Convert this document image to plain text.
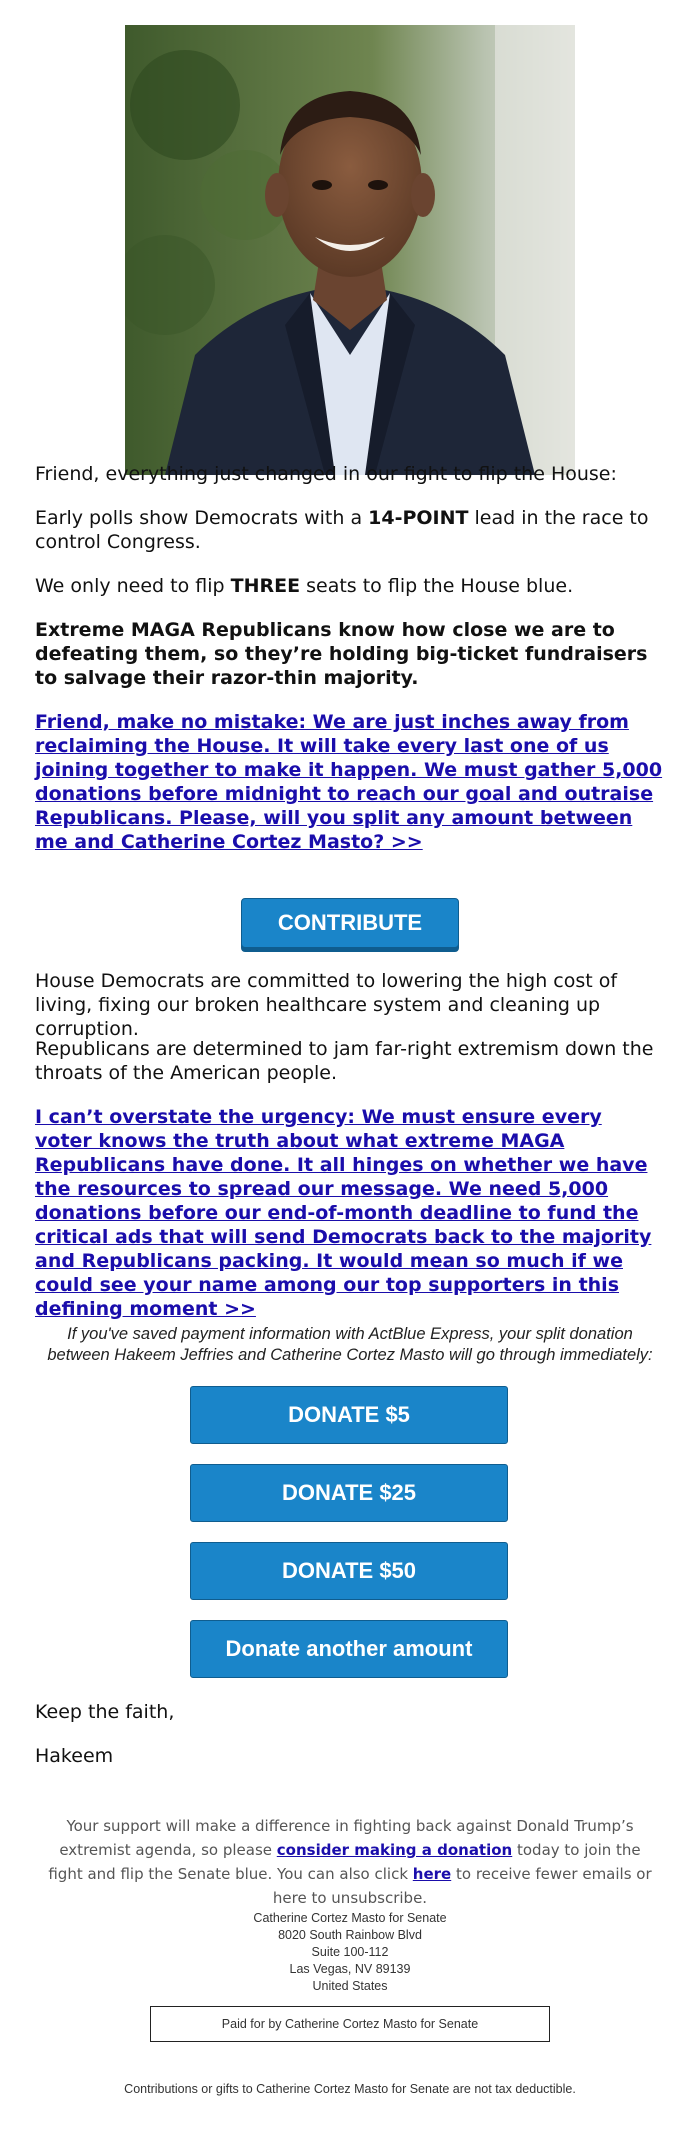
Friend, everything just changed in our fight to flip the House:

Early polls show Democrats with a 14-POINT lead in the race to control Congress.

We only need to flip THREE seats to flip the House blue.

Extreme MAGA Republicans know how close we are to defeating them, so they’re holding big-ticket fundraisers to salvage their razor-thin majority.

Friend, make no mistake: We are just inches away from reclaiming the House. It will take every last one of us joining together to make it happen. We must gather 5,000 donations before midnight to reach our goal and outraise Republicans. Please, will you split any amount between me and Catherine Cortez Masto? >>

CONTRIBUTE

House Democrats are committed to lowering the high cost of living, fixing our broken healthcare system and cleaning up corruption.

Republicans are determined to jam far-right extremism down the throats of the American people.

I can’t overstate the urgency: We must ensure every voter knows the truth about what extreme MAGA Republicans have done. It all hinges on whether we have the resources to spread our message. We need 5,000 donations before our end-of-month deadline to fund the critical ads that will send Democrats back to the majority and Republicans packing. It would mean so much if we could see your name among our top supporters in this defining moment >>

If you've saved payment information with ActBlue Express, your split donation between Hakeem Jeffries and Catherine Cortez Masto will go through immediately:
DONATE $5
DONATE $25
DONATE $50
Donate another amount

Keep the faith,

Hakeem

Your support will make a difference in fighting back against Donald Trump’s extremist agenda, so please consider making a donation today to join the fight and flip the Senate blue. You can also click here to receive fewer emails or here to unsubscribe.
Catherine Cortez Masto for Senate
8020 South Rainbow Blvd
Suite 100-112
Las Vegas, NV 89139
United States
Paid for by Catherine Cortez Masto for Senate
Contributions or gifts to Catherine Cortez Masto for Senate are not tax deductible.
